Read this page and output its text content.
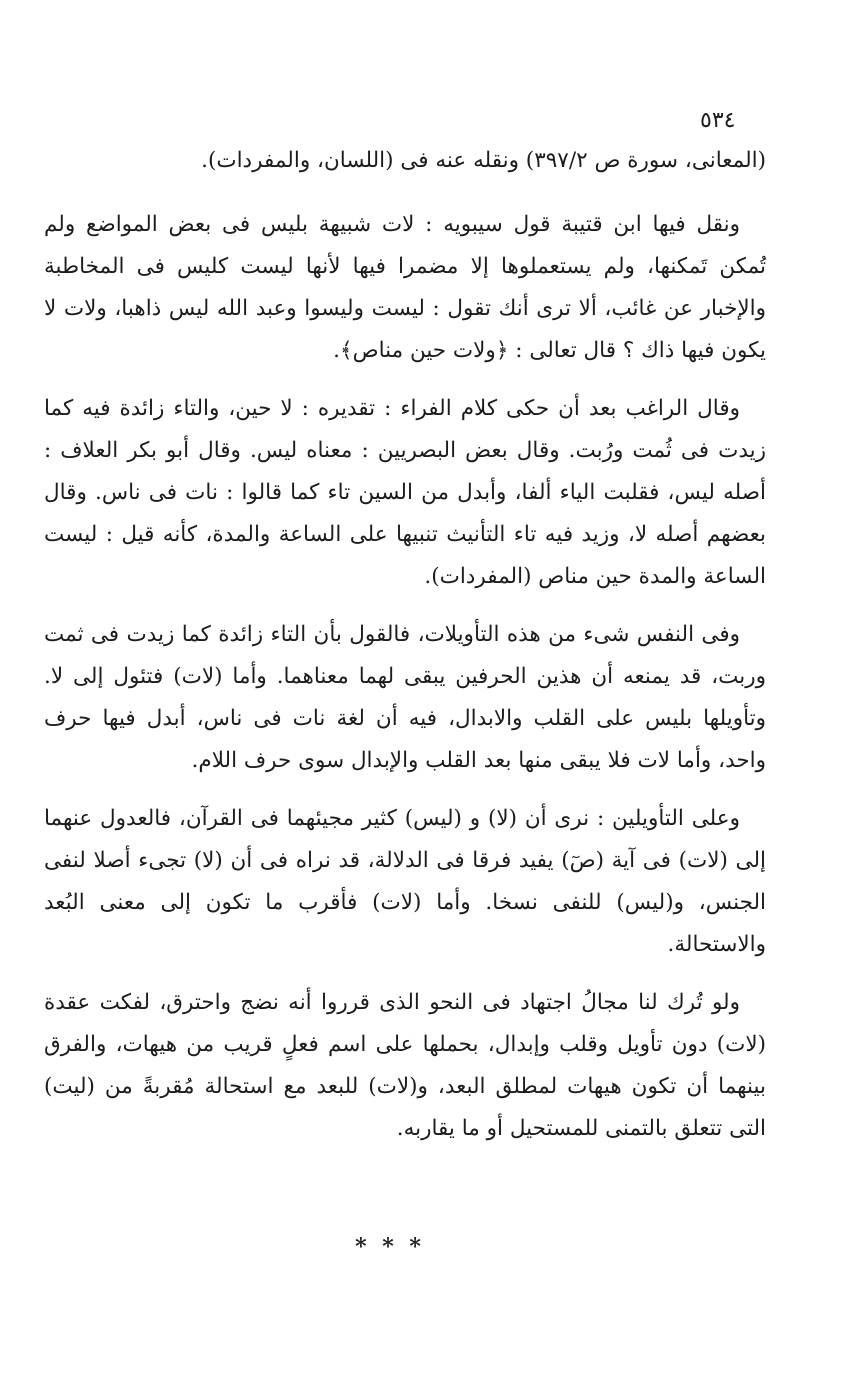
٥٣٤

(المعانى، سورة ص ٣٩٧/٢) ونقله عنه فى (اللسان، والمفردات).

ونقل فيها ابن قتيبة قول سيبويه : لات شبيهة بليس فى بعض المواضع ولم تُمكن تَمكنها، ولم يستعملوها إلا مضمرا فيها لأنها ليست كليس فى المخاطبة والإخبار عن غائب، ألا ترى أنك تقول : ليست وليسوا وعبد الله ليس ذاهبا، ولات لا يكون فيها ذاك ؟ قال تعالى : ﴿ولات حين مناص﴾.

وقال الراغب بعد أن حكى كلام الفراء : تقديره : لا حين، والتاء زائدة فيه كما زيدت فى ثُمت ورُبت. وقال بعض البصريين : معناه ليس. وقال أبو بكر العلاف : أصله ليس، فقلبت الياء ألفا، وأبدل من السين تاء كما قالوا : نات فى ناس. وقال بعضهم أصله لا، وزيد فيه تاء التأنيث تنبيها على الساعة والمدة، كأنه قيل : ليست الساعة والمدة حين مناص (المفردات).

وفى النفس شىء من هذه التأويلات، فالقول بأن التاء زائدة كما زيدت فى ثمت وربت، قد يمنعه أن هذين الحرفين يبقى لهما معناهما. وأما (لات) فتئول إلى لا. وتأويلها بليس على القلب والابدال، فيه أن لغة نات فى ناس، أبدل فيها حرف واحد، وأما لات فلا يبقى منها بعد القلب والإبدال سوى حرف اللام.

وعلى التأويلين : نرى أن (لا) و (ليس) كثير مجيئهما فى القرآن، فالعدول عنهما إلى (لات) فى آية (صٓ) يفيد فرقا فى الدلالة، قد نراه فى أن (لا) تجىء أصلا لنفى الجنس، و(ليس) للنفى نسخا. وأما (لات) فأقرب ما تكون إلى معنى البُعد والاستحالة.

ولو تُرك لنا مجالُ اجتهاد فى النحو الذى قرروا أنه نضج واحترق، لفكت عقدة (لات) دون تأويل وقلب وإبدال، بحملها على اسم فعلٍ قريب من هيهات، والفرق بينهما أن تكون هيهات لمطلق البعد، و(لات) للبعد مع استحالة مُقربةً من (ليت) التى تتعلق بالتمنى للمستحيل أو ما يقاربه.

* * *
